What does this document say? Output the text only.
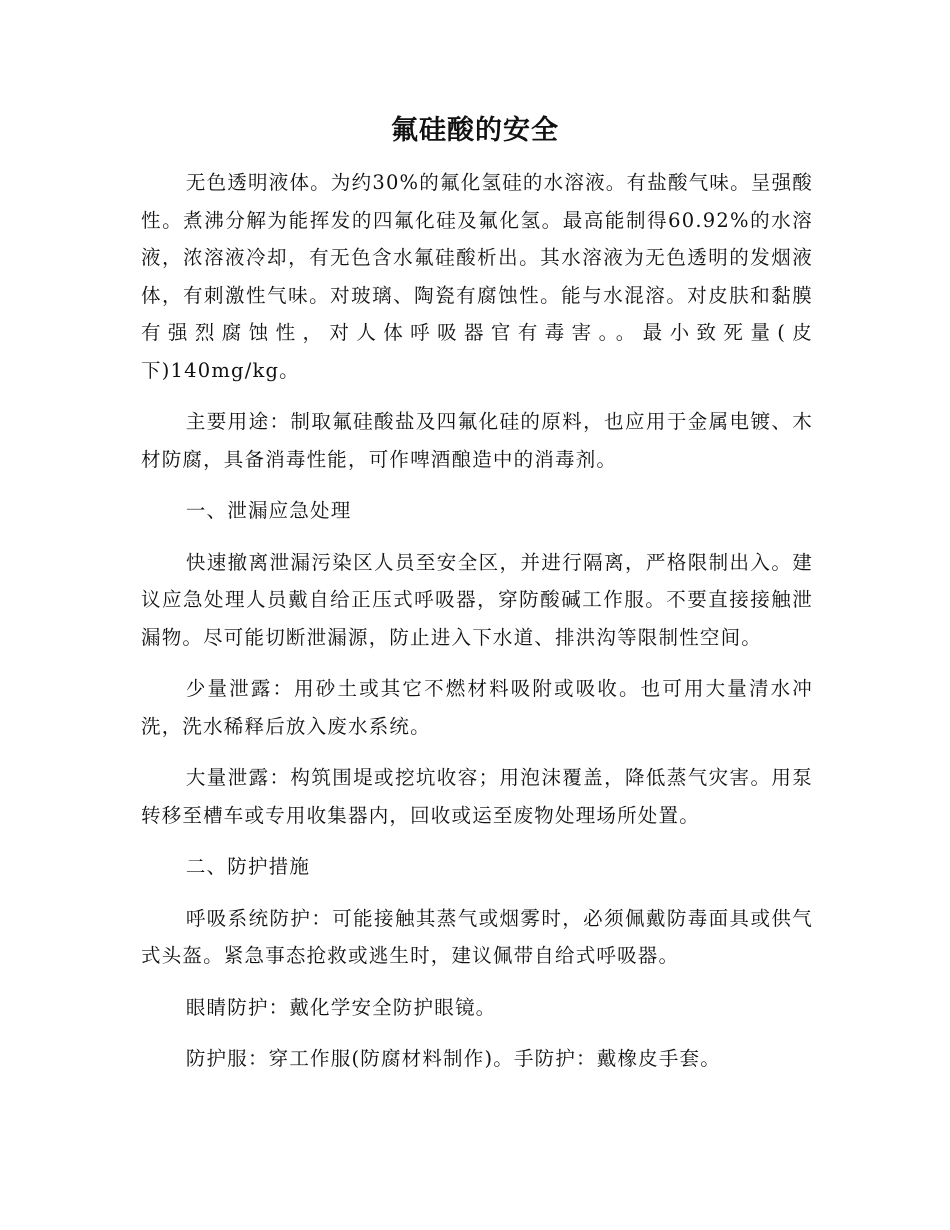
氟硅酸的安全

无色透明液体。为约30%的氟化氢硅的水溶液。有盐酸气味。呈强酸性。煮沸分解为能挥发的四氟化硅及氟化氢。最高能制得60.92%的水溶液，浓溶液冷却，有无色含水氟硅酸析出。其水溶液为无色透明的发烟液体，有刺激性气味。对玻璃、陶瓷有腐蚀性。能与水混溶。对皮肤和黏膜有强烈腐蚀性，对人体呼吸器官有毒害。。最小致死量(皮下)140mg/kg。

主要用途：制取氟硅酸盐及四氟化硅的原料，也应用于金属电镀、木材防腐，具备消毒性能，可作啤酒酿造中的消毒剂。

一、泄漏应急处理

快速撤离泄漏污染区人员至安全区，并进行隔离，严格限制出入。建议应急处理人员戴自给正压式呼吸器，穿防酸碱工作服。不要直接接触泄漏物。尽可能切断泄漏源，防止进入下水道、排洪沟等限制性空间。

少量泄露：用砂土或其它不燃材料吸附或吸收。也可用大量清水冲洗，洗水稀释后放入废水系统。

大量泄露：构筑围堤或挖坑收容；用泡沫覆盖，降低蒸气灾害。用泵转移至槽车或专用收集器内，回收或运至废物处理场所处置。

二、防护措施

呼吸系统防护：可能接触其蒸气或烟雾时，必须佩戴防毒面具或供气式头盔。紧急事态抢救或逃生时，建议佩带自给式呼吸器。

眼睛防护：戴化学安全防护眼镜。

防护服：穿工作服(防腐材料制作)。手防护：戴橡皮手套。
